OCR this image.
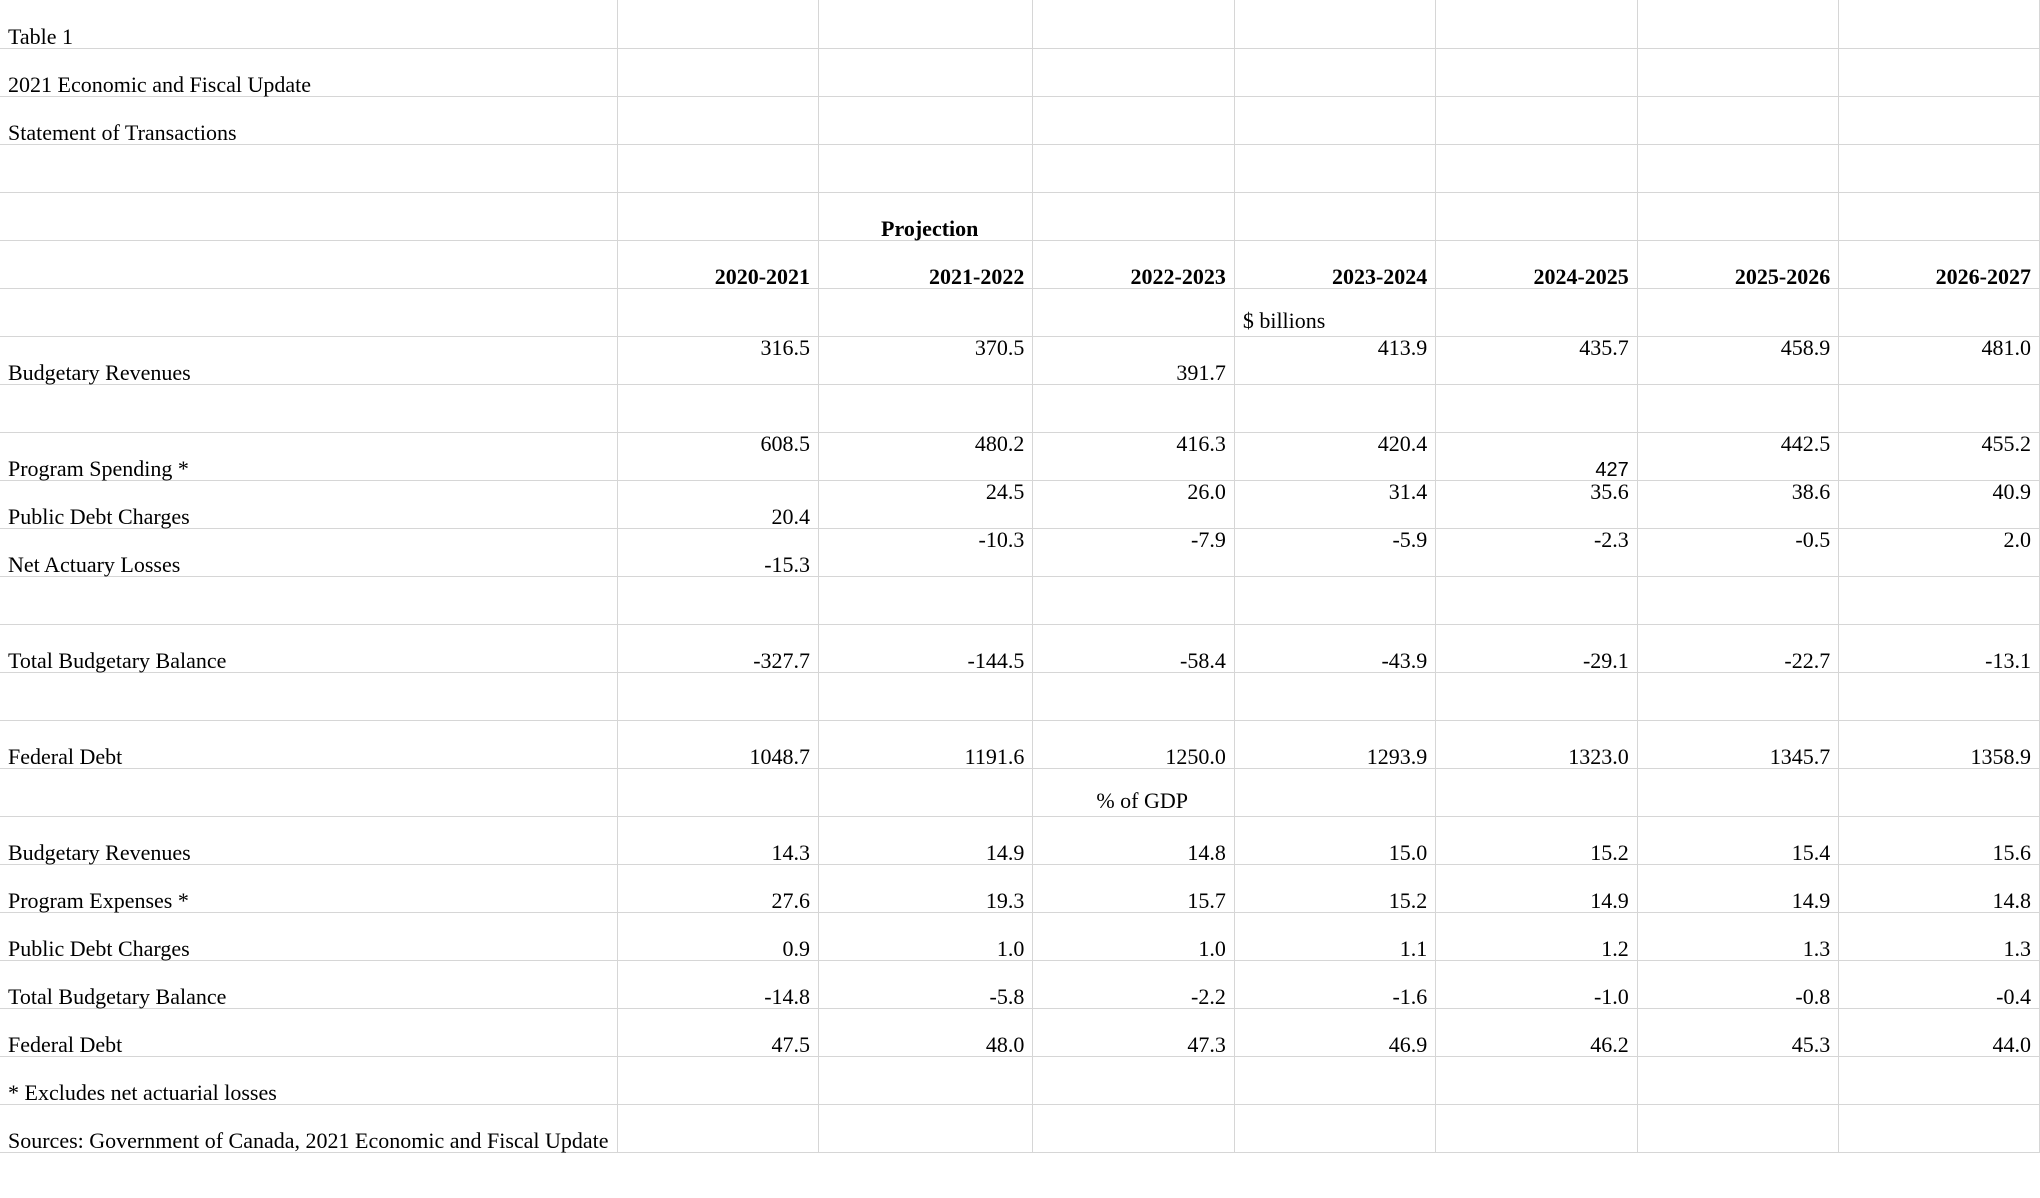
Table 1							
2021 Economic and Fiscal Update							
Statement of Transactions							

		Projection					
	2020-2021	2021-2022	2022-2023	2023-2024	2024-2025	2025-2026	2026-2027

				$ billions			

Budgetary Revenues	316.5	370.5	391.7	413.9	435.7	458.9	481.0

Program Spending *	608.5	480.2	416.3	420.4	427	442.5	455.2
Public Debt Charges	20.4	24.5	26.0	31.4	35.6	38.6	40.9
Net Actuary Losses	-15.3	-10.3	-7.9	-5.9	-2.3	-0.5	2.0

Total Budgetary Balance	-327.7	-144.5	-58.4	-43.9	-29.1	-22.7	-13.1

Federal Debt	1048.7	1191.6	1250.0	1293.9	1323.0	1345.7	1358.9

			% of GDP				

Budgetary Revenues	14.3	14.9	14.8	15.0	15.2	15.4	15.6
Program Expenses *	27.6	19.3	15.7	15.2	14.9	14.9	14.8
Public Debt Charges	0.9	1.0	1.0	1.1	1.2	1.3	1.3
Total Budgetary Balance	-14.8	-5.8	-2.2	-1.6	-1.0	-0.8	-0.4
Federal Debt	47.5	48.0	47.3	46.9	46.2	45.3	44.0
* Excludes net actuarial losses							
Sources: Government of Canada, 2021 Economic and Fiscal Update							
